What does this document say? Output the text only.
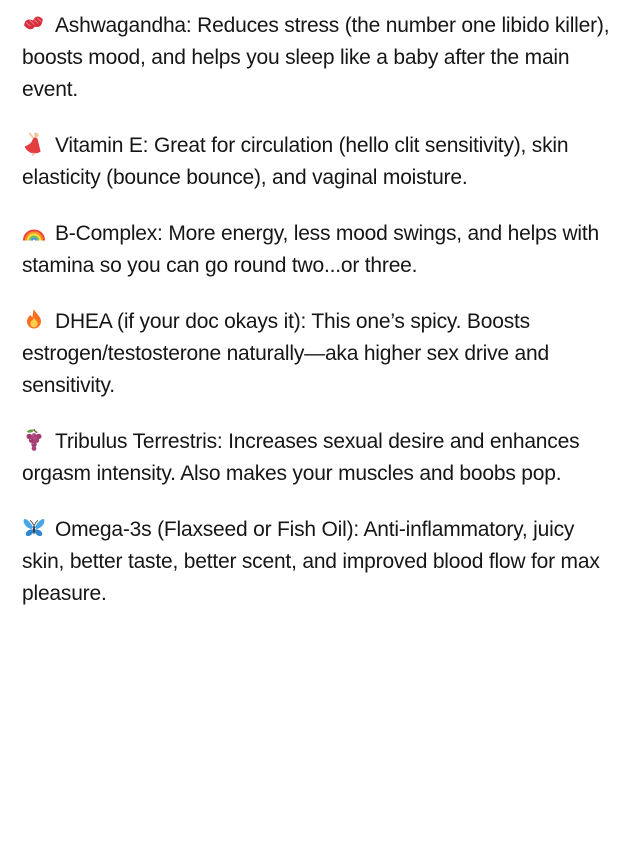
Ashwagandha: Reduces stress (the number one libido killer), boosts mood, and helps you sleep like a baby after the main event.

Vitamin E: Great for circulation (hello clit sensitivity), skin elasticity (bounce bounce), and vaginal moisture.

B-Complex: More energy, less mood swings, and helps with stamina so you can go round two...or three.

DHEA (if your doc okays it): This one’s spicy. Boosts estrogen/testosterone naturally—aka higher sex drive and sensitivity.

Tribulus Terrestris: Increases sexual desire and enhances orgasm intensity. Also makes your muscles and boobs pop.

Omega-3s (Flaxseed or Fish Oil): Anti-inflammatory, juicy skin, better taste, better scent, and improved blood flow for max pleasure.
